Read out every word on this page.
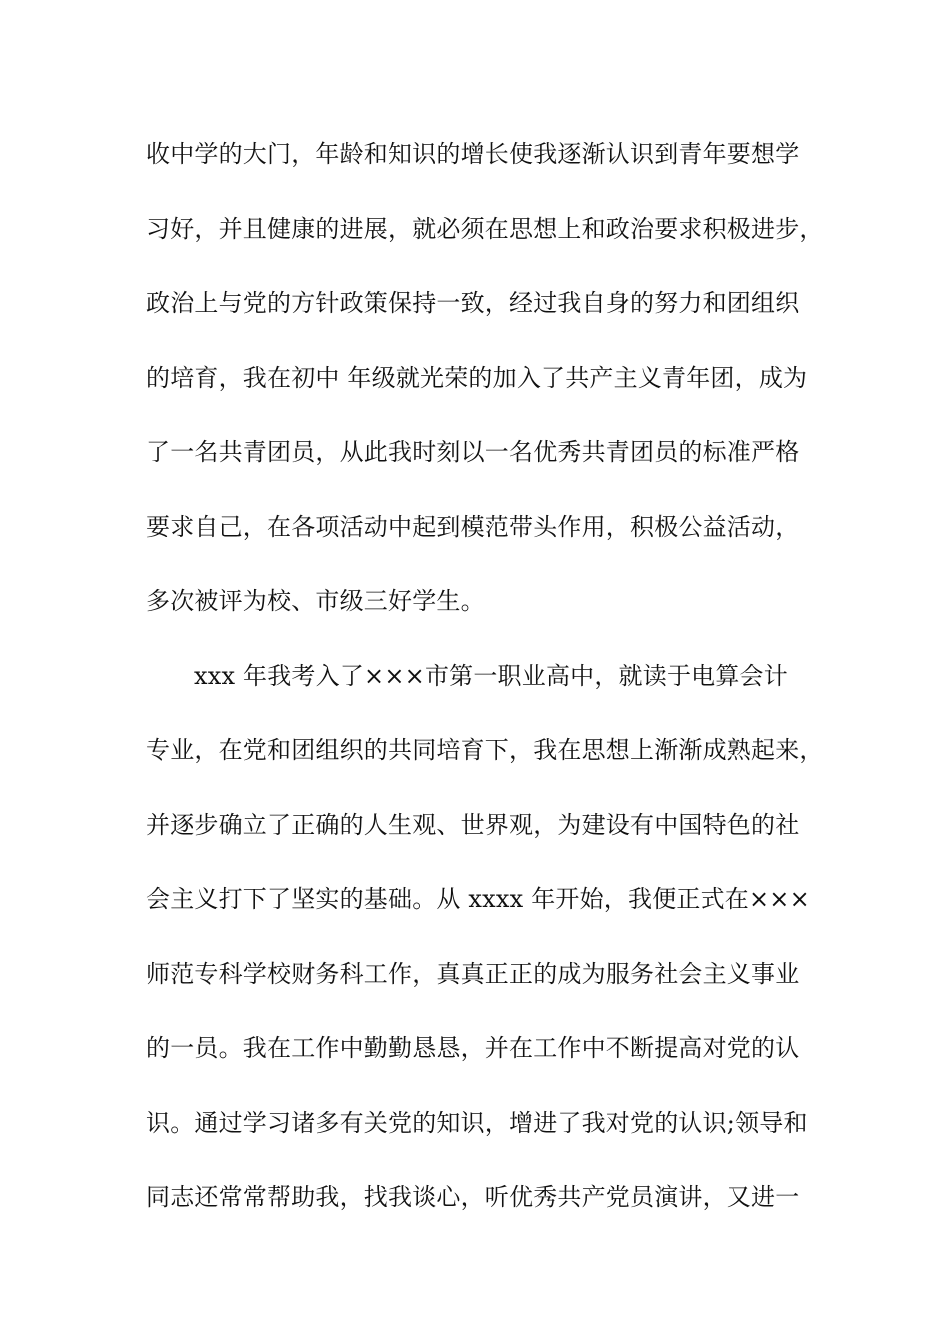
收中学的大门，年龄和知识的增长使我逐渐认识到青年要想学
习好，并且健康的进展，就必须在思想上和政治要求积极进步，
政治上与党的方针政策保持一致，经过我自身的努力和团组织
的培育，我在初中 年级就光荣的加入了共产主义青年团，成为
了一名共青团员，从此我时刻以一名优秀共青团员的标准严格
要求自己，在各项活动中起到模范带头作用，积极公益活动，
多次被评为校、市级三好学生。
xxx 年我考入了×××市第一职业高中，就读于电算会计
专业，在党和团组织的共同培育下，我在思想上渐渐成熟起来，
并逐步确立了正确的人生观、世界观，为建设有中国特色的社
会主义打下了坚实的基础。从 xxxx 年开始，我便正式在×××
师范专科学校财务科工作，真真正正的成为服务社会主义事业
的一员。我在工作中勤勤恳恳，并在工作中不断提高对党的认
识。通过学习诸多有关党的知识，增进了我对党的认识;领导和
同志还常常帮助我，找我谈心，听优秀共产党员演讲，又进一
